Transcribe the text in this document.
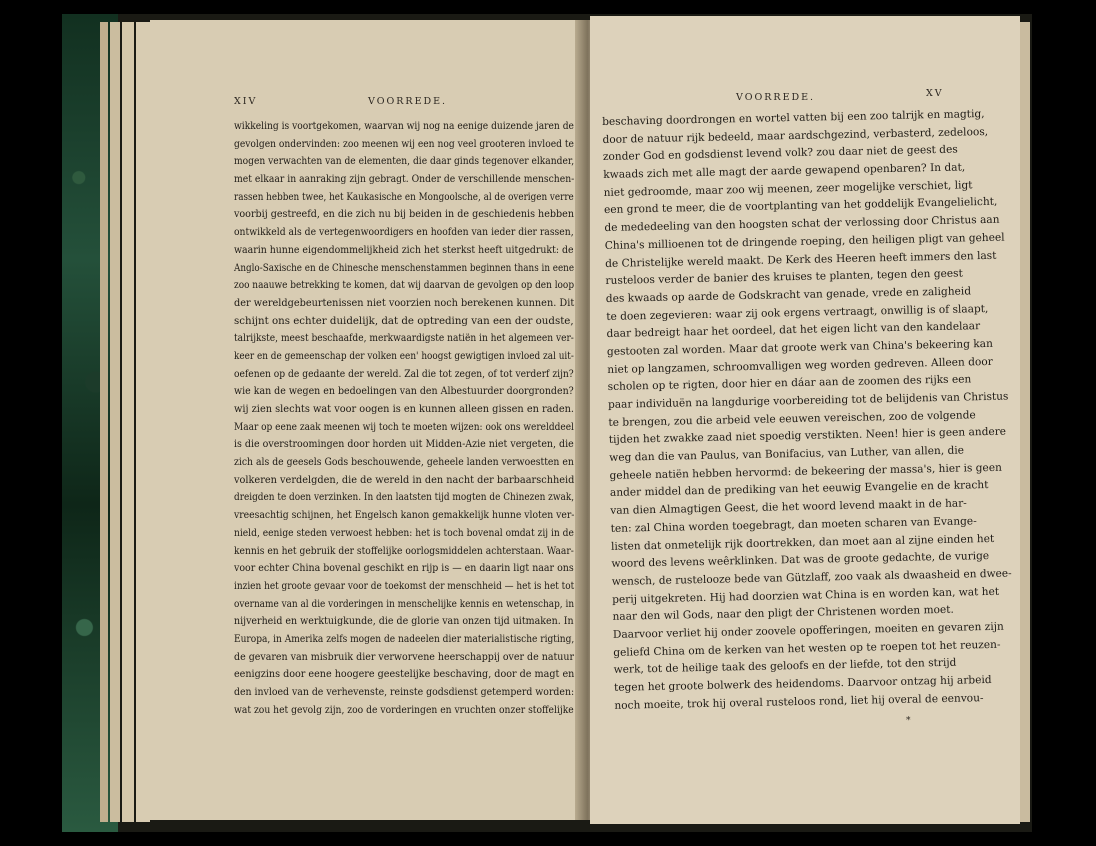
XIV	VOORREDE.
wikkeling is voortgekomen, waarvan wij nog na eenige duizende jaren de
gevolgen ondervinden: zoo meenen wij een nog veel grooteren invloed te
mogen verwachten van de elementen, die daar ginds tegenover elkander,
met elkaar in aanraking zijn gebragt. Onder de verschillende menschen-
rassen hebben twee, het Kaukasische en Mongoolsche, al de overigen verre
voorbij gestreefd, en die zich nu bij beiden in de geschiedenis hebben
ontwikkeld als de vertegenwoordigers en hoofden van ieder dier rassen,
waarin hunne eigendommelijkheid zich het sterkst heeft uitgedrukt: de
Anglo-Saxische en de Chinesche menschenstammen beginnen thans in eene
zoo naauwe betrekking te komen, dat wij daarvan de gevolgen op den loop
der wereldgebeurtenissen niet voorzien noch berekenen kunnen. Dit
schijnt ons echter duidelijk, dat de optreding van een der oudste,
talrijkste, meest beschaafde, merkwaardigste natiën in het algemeen ver-
keer en de gemeenschap der volken een' hoogst gewigtigen invloed zal uit-
oefenen op de gedaante der wereld. Zal die tot zegen, of tot verderf zijn?
wie kan de wegen en bedoelingen van den Albestuurder doorgronden?
wij zien slechts wat voor oogen is en kunnen alleen gissen en raden.
Maar op eene zaak meenen wij toch te moeten wijzen: ook ons werelddeel
is die overstroomingen door horden uit Midden-Azie niet vergeten, die
zich als de geesels Gods beschouwende, geheele landen verwoestten en
volkeren verdelgden, die de wereld in den nacht der barbaarschheid
dreigden te doen verzinken. In den laatsten tijd mogten de Chinezen zwak,
vreesachtig schijnen, het Engelsch kanon gemakkelijk hunne vloten ver-
nield, eenige steden verwoest hebben: het is toch bovenal omdat zij in de
kennis en het gebruik der stoffelijke oorlogsmiddelen achterstaan. Waar-
voor echter China bovenal geschikt en rijp is — en daarin ligt naar ons
inzien het groote gevaar voor de toekomst der menschheid — het is het tot
overname van al die vorderingen in menschelijke kennis en wetenschap, in
nijverheid en werktuigkunde, die de glorie van onzen tijd uitmaken. In
Europa, in Amerika zelfs mogen de nadeelen dier materialistische rigting,
de gevaren van misbruik dier verworvene heerschappij over de natuur
eenigzins door eene hoogere geestelijke beschaving, door de magt en
den invloed van de verhevenste, reinste godsdienst getemperd worden:
wat zou het gevolg zijn, zoo de vorderingen en vruchten onzer stoffelijke
VOORREDE.	XV
beschaving doordrongen en wortel vatten bij een zoo talrijk en magtig,
door de natuur rijk bedeeld, maar aardschgezind, verbasterd, zedeloos,
zonder God en godsdienst levend volk? zou daar niet de geest des
kwaads zich met alle magt der aarde gewapend openbaren? In dat,
niet gedroomde, maar zoo wij meenen, zeer mogelijke verschiet, ligt
een grond te meer, die de voortplanting van het goddelijk Evangelielicht,
de mededeeling van den hoogsten schat der verlossing door Christus aan
China's millioenen tot de dringende roeping, den heiligen pligt van geheel
de Christelijke wereld maakt. De Kerk des Heeren heeft immers den last
rusteloos verder de banier des kruises te planten, tegen den geest
des kwaads op aarde de Godskracht van genade, vrede en zaligheid
te doen zegevieren: waar zij ook ergens vertraagt, onwillig is of slaapt,
daar bedreigt haar het oordeel, dat het eigen licht van den kandelaar
gestooten zal worden. Maar dat groote werk van China's bekeering kan
niet op langzamen, schroomvalligen weg worden gedreven. Alleen door
scholen op te rigten, door hier en dáar aan de zoomen des rijks een
paar individuën na langdurige voorbereiding tot de belijdenis van Christus
te brengen, zou die arbeid vele eeuwen vereischen, zoo de volgende
tijden het zwakke zaad niet spoedig verstikten. Neen! hier is geen andere
weg dan die van Paulus, van Bonifacius, van Luther, van allen, die
geheele natiën hebben hervormd: de bekeering der massa's, hier is geen
ander middel dan de prediking van het eeuwig Evangelie en de kracht
van dien Almagtigen Geest, die het woord levend maakt in de har-
ten: zal China worden toegebragt, dan moeten scharen van Evange-
listen dat onmetelijk rijk doortrekken, dan moet aan al zijne einden het
woord des levens weêrklinken. Dat was de groote gedachte, de vurige
wensch, de rustelooze bede van Gützlaff, zoo vaak als dwaasheid en dwee-
perij uitgekreten. Hij had doorzien wat China is en worden kan, wat het
naar den wil Gods, naar den pligt der Christenen worden moet.
Daarvoor verliet hij onder zoovele opofferingen, moeiten en gevaren zijn
geliefd China om de kerken van het westen op te roepen tot het reuzen-
werk, tot de heilige taak des geloofs en der liefde, tot den strijd
tegen het groote bolwerk des heidendoms. Daarvoor ontzag hij arbeid
noch moeite, trok hij overal rusteloos rond, liet hij overal de eenvou-
*
